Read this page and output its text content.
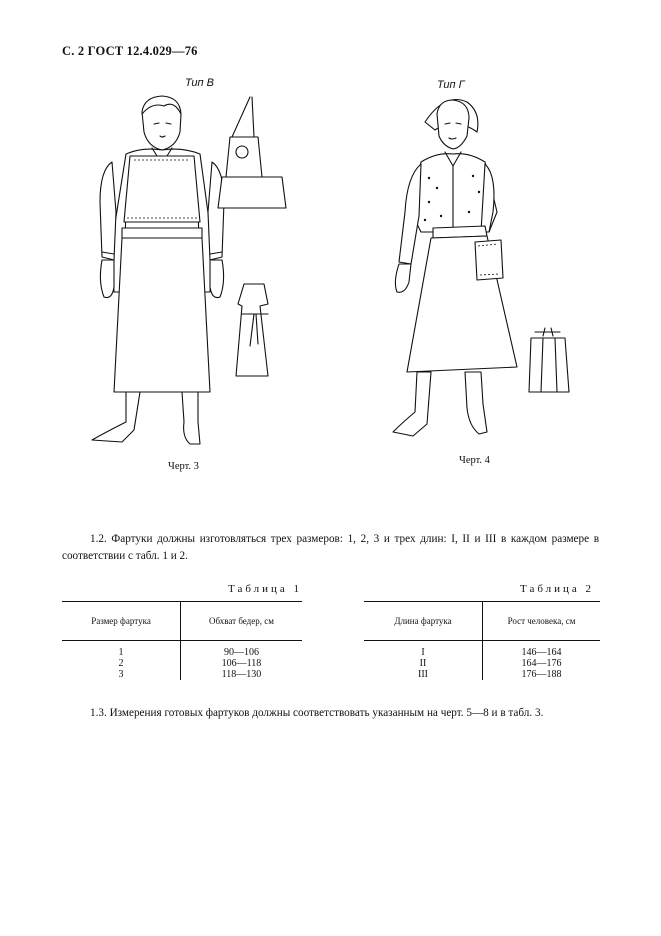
С. 2 ГОСТ 12.4.029—76
Тип В
Черт. 3
Тип Г
Черт. 4
1.2. Фартуки должны изготовляться трех размеров: 1, 2, 3 и трех длин: I, II и III в каждом размере в соответствии с табл. 1 и 2.
Таблица 1
Размер фартука	Обхват бедер, см
1	90—106
2	106—118
3	118—130
Таблица 2
Длина фартука	Рост человека, см
I	146—164
II	164—176
III	176—188
1.3. Измерения готовых фартуков должны соответствовать указанным на черт. 5—8 и в табл. 3.
